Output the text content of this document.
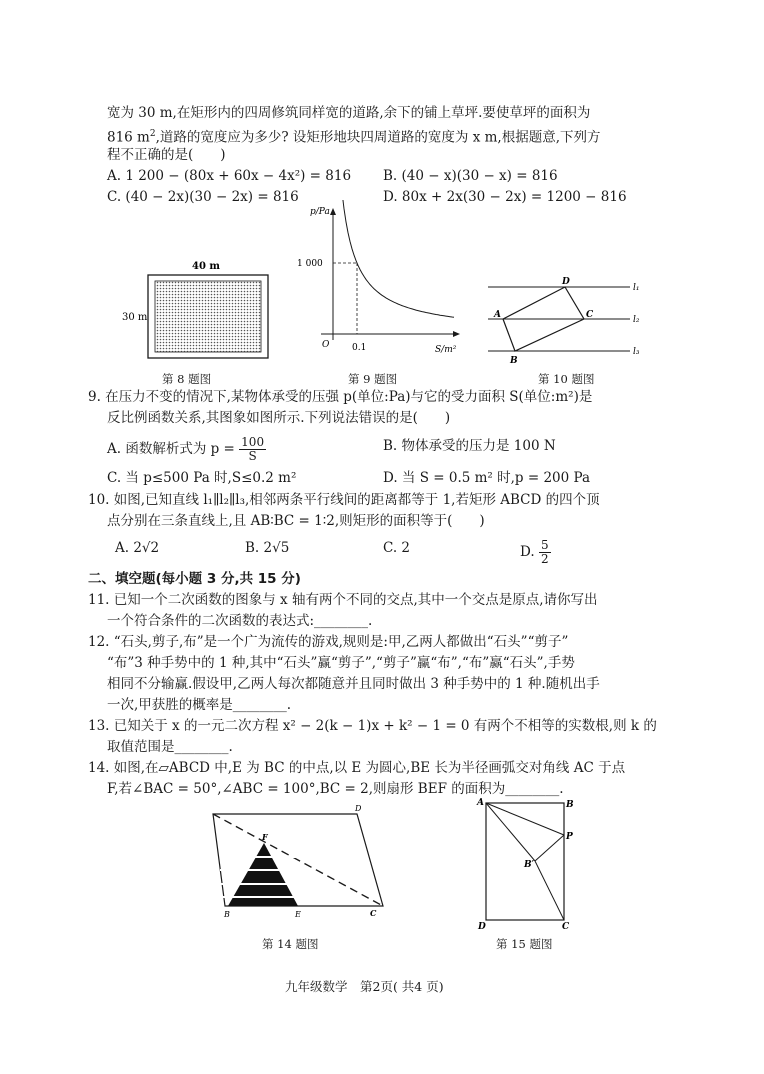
宽为 30 m,在矩形内的四周修筑同样宽的道路,余下的铺上草坪.要使草坪的面积为
816 $m^2$,道路的宽度应为多少? 设矩形地块四周道路的宽度为 x m,根据题意,下列方
程不正确的是(　　)
A. 1 200 − (80x + 60x − 4x²) = 816 B. (40 − x)(30 − x) = 816
C. (40 − 2x)(30 − 2x) = 816	D. 80x + 2x(30 − 2x) = 1200 − 816
40 m
30 m
第 8 题图
p/Pa
1 000
0.1	S/m²
O
第 9 题图
l₁
l₂
l₃
A
B
C
D
第 10 题图
9. 在压力不变的情况下,某物体承受的压强 p(单位:Pa)与它的受力面积 S(单位:m²)是
反比例函数关系,其图象如图所示.下列说法错误的是(　　)
A. 函数解析式为 $p = \frac{100}{S}$	B. 物体承受的压力是 100 N
C. 当 p≤500 Pa 时,S≤0.2 m²	D. 当 S = 0.5 m² 时,p = 200 Pa
10. 如图,已知直线 l₁∥l₂∥l₃,相邻两条平行线间的距离都等于 1,若矩形 ABCD 的四个顶
点分别在三条直线上,且 AB∶BC = 1∶2,则矩形的面积等于(　　)
A. 2√2	B. 2√5	C. 2	D. $\frac{5}{2}$
二、填空题(每小题 3 分,共 15 分)
11. 已知一个二次函数的图象与 x 轴有两个不同的交点,其中一个交点是原点,请你写出
一个符合条件的二次函数的表达式:________.
12. “石头,剪子,布”是一个广为流传的游戏,规则是:甲,乙两人都做出“石头”“剪子”
“布”3 种手势中的 1 种,其中“石头”赢“剪子”,“剪子”赢“布”,“布”赢“石头”,手势
相同不分输赢.假设甲,乙两人每次都随意并且同时做出 3 种手势中的 1 种.随机出手
一次,甲获胜的概率是________.
13. 已知关于 x 的一元二次方程 x² − 2(k − 1)x + k² − 1 = 0 有两个不相等的实数根,则 k 的
取值范围是________.
14. 如图,在▱ABCD 中,E 为 BC 的中点,以 E 为圆心,BE 长为半径画弧交对角线 AC 于点
F,若∠BAC = 50°,∠ABC = 100°,BC = 2,则扇形 BEF 的面积为________.
D
F
B	E	C
第 14 题图
A	B
P
B′
D	C
第 15 题图
九年级数学　第2页( 共4 页)
